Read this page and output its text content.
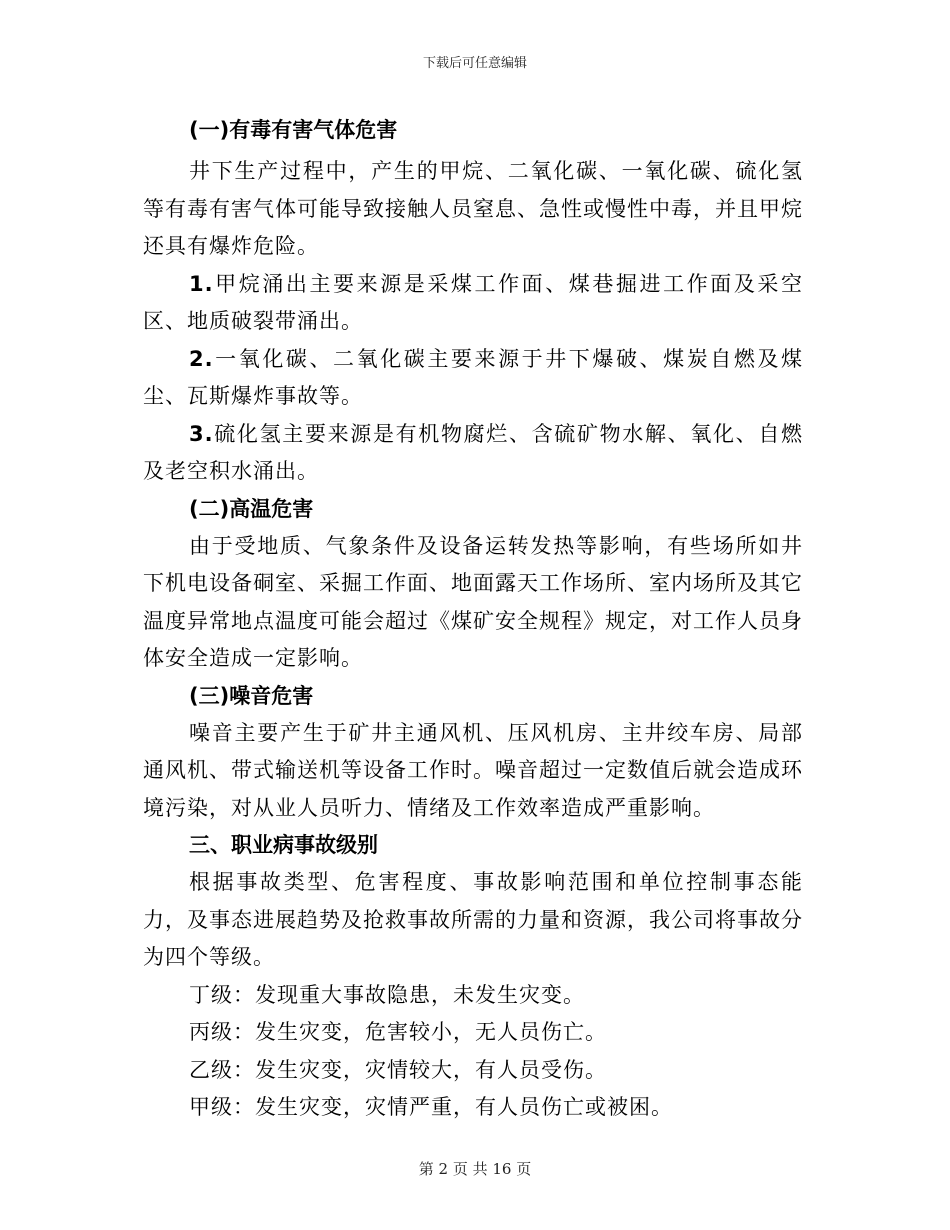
下载后可任意编辑

(一)有毒有害气体危害

井下生产过程中，产生的甲烷、二氧化碳、一氧化碳、硫化氢等有毒有害气体可能导致接触人员窒息、急性或慢性中毒，并且甲烷还具有爆炸危险。

1.甲烷涌出主要来源是采煤工作面、煤巷掘进工作面及采空区、地质破裂带涌出。

2.一氧化碳、二氧化碳主要来源于井下爆破、煤炭自燃及煤尘、瓦斯爆炸事故等。

3.硫化氢主要来源是有机物腐烂、含硫矿物水解、氧化、自燃及老空积水涌出。

(二)高温危害

由于受地质、气象条件及设备运转发热等影响，有些场所如井下机电设备硐室、采掘工作面、地面露天工作场所、室内场所及其它温度异常地点温度可能会超过《煤矿安全规程》规定，对工作人员身体安全造成一定影响。

(三)噪音危害

噪音主要产生于矿井主通风机、压风机房、主井绞车房、局部通风机、带式输送机等设备工作时。噪音超过一定数值后就会造成环境污染，对从业人员听力、情绪及工作效率造成严重影响。

三、职业病事故级别

根据事故类型、危害程度、事故影响范围和单位控制事态能力，及事态进展趋势及抢救事故所需的力量和资源，我公司将事故分为四个等级。

丁级：发现重大事故隐患，未发生灾变。

丙级：发生灾变，危害较小，无人员伤亡。

乙级：发生灾变，灾情较大，有人员受伤。

甲级：发生灾变，灾情严重，有人员伤亡或被困。

第 2 页 共 16 页
